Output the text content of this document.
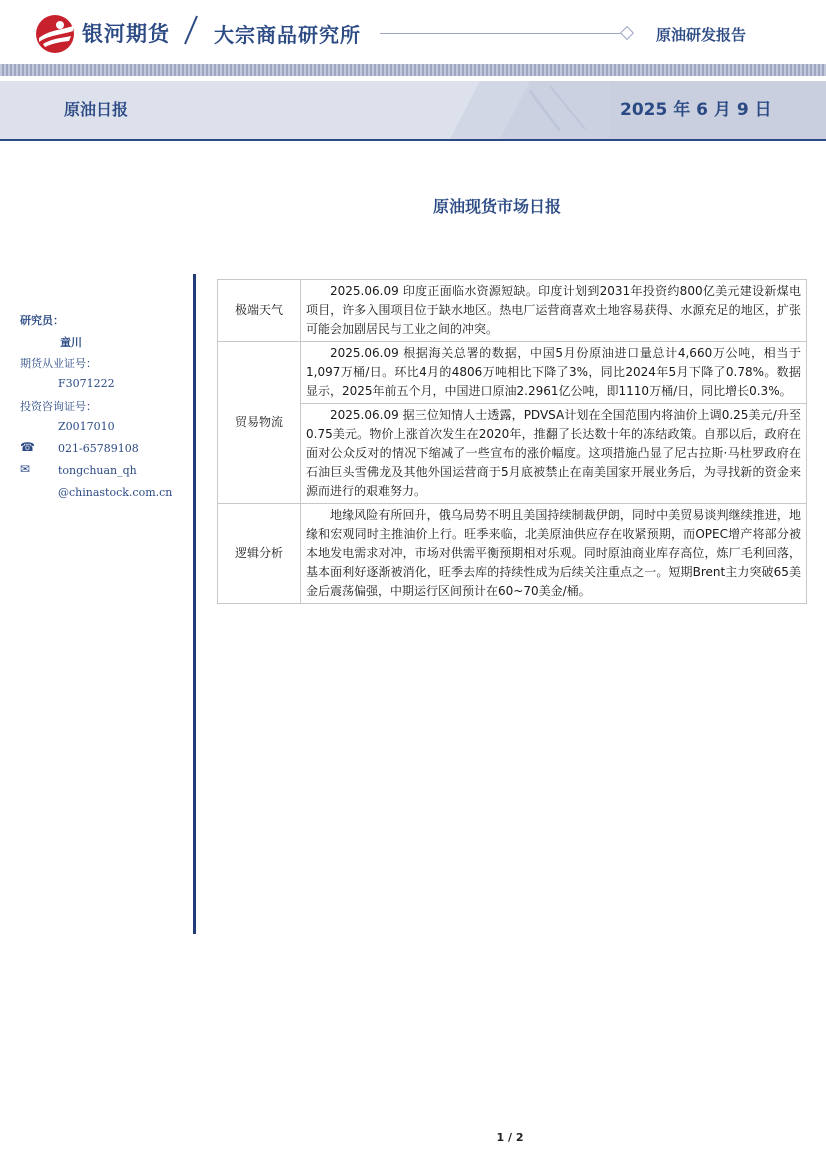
银河期货 大宗商品研究所	原油研发报告
原油日报	2025 年 6 月 9 日
原油现货市场日报
研究员：
童川
期货从业证号：
F3071222
投资咨询证号：
Z0017010
☎ 021-65789108
✉	tongchuan_qh
@chinastock.com.cn
极端天气	2025.06.09 印度正面临水资源短缺。印度计划到2031年投资约800亿美元建设新煤电项目，许多入围项目位于缺水地区。热电厂运营商喜欢土地容易获得、水源充足的地区，扩张可能会加剧居民与工业之间的冲突。
贸易物流	2025.06.09 根据海关总署的数据，中国5月份原油进口量总计4,660万公吨，相当于1,097万桶/日。环比4月的4806万吨相比下降了3%，同比2024年5月下降了0.78%。数据显示，2025年前五个月，中国进口原油2.2961亿公吨，即1110万桶/日，同比增长0.3%。
	2025.06.09 据三位知情人士透露，PDVSA计划在全国范围内将油价上调0.25美元/升至0.75美元。物价上涨首次发生在2020年，推翻了长达数十年的冻结政策。自那以后，政府在面对公众反对的情况下缩减了一些宣布的涨价幅度。这项措施凸显了尼古拉斯·马杜罗政府在石油巨头雪佛龙及其他外国运营商于5月底被禁止在南美国家开展业务后，为寻找新的资金来源而进行的艰难努力。
逻辑分析	地缘风险有所回升，俄乌局势不明且美国持续制裁伊朗，同时中美贸易谈判继续推进，地缘和宏观同时主推油价上行。旺季来临，北美原油供应存在收紧预期，而OPEC增产将部分被本地发电需求对冲，市场对供需平衡预期相对乐观。同时原油商业库存高位，炼厂毛利回落，基本面利好逐渐被消化，旺季去库的持续性成为后续关注重点之一。短期Brent主力突破65美金后震荡偏强，中期运行区间预计在60~70美金/桶。
1 / 2
